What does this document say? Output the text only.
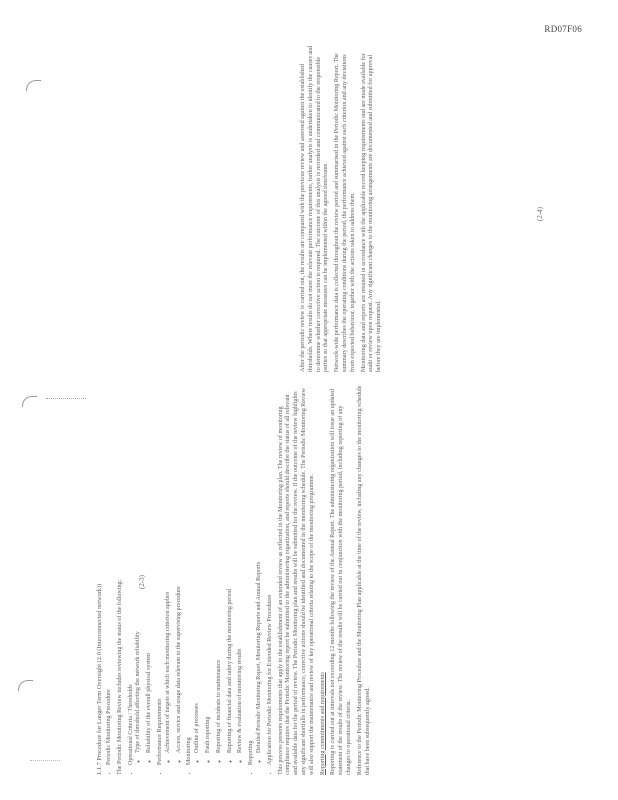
RD07F06
1.1.7 Procedure for Longer Term Oversight (2.0 (Interconnected network)) • Periodic Monitoring Procedure The Periodic Monitoring Review includes reviewing the status of the following: • Operational Criteria / Thresholds ◦ Type of threshold affecting the network reliability ◦ Reliability of the overall physical system • Performance Requirements ◦ Achievement of targets at which each monitoring criterion applies ◦ Access, service and usage data relevant to the supervising procedure • Monitoring ◦ Outline of processes ◦ Fault reporting ◦ Reporting of incidents to maintenance ◦ Reporting of financial data and safety during the monitoring period ◦ Review & evaluation of monitoring results • Reporting ◦ Detailed Periodic Monitoring Report, Monitoring Reports and Annual Reports • Application for Periodic Monitoring for Extended Review Procedures This process presents requirements that apply to the establishment of an extended review as reflected in the Monitoring plan. The review of monitoring compliance requires that the Periodic Monitoring report be submitted to the administering organization, and reports should describe the status of all relevant and available data for the period of review. The Periodic Monitoring plan and results will be submitted for the review. If the outcome of the review highlights any significant shortfalls in performance, corrective actions should be identified and documented in the monitoring schedule. The Periodic Monitoring Review will also support the maintenance and review of key operational criteria relating to the scope of the monitoring programme. Reporting commitments and requirements Reporting is carried out at intervals not exceeding 12 months following the review of the Annual Report. The administering organization will issue an updated statement of the results of the review. The review of the results will be carried out in conjunction with the monitoring period, including reporting of any changes to operational criteria. Reference to the Periodic Monitoring Procedure and the Monitoring Plan applicable at the time of the review, including any changes to the monitoring schedule that have been subsequently agreed.

(2-3)

After the periodic review is carried out, the results are compared with the previous review and assessed against the established thresholds. Where results do not meet the relevant performance requirements, further analysis is undertaken to identify the causes and to determine whether corrective action is required. The outcome of this analysis is recorded and communicated to the responsible parties so that appropriate measures can be implemented within the agreed timeframe. Network-wide performance data is collected throughout the review period and summarised in the Periodic Monitoring Report. The summary describes the operating conditions during the period, the performance achieved against each criterion and any deviations from expected behaviour, together with the actions taken to address them. Monitoring data and reports are retained in accordance with the applicable record keeping requirements and are made available for audit or review upon request. Any significant changes to the monitoring arrangements are documented and submitted for approval before they are implemented.

(2-4)
